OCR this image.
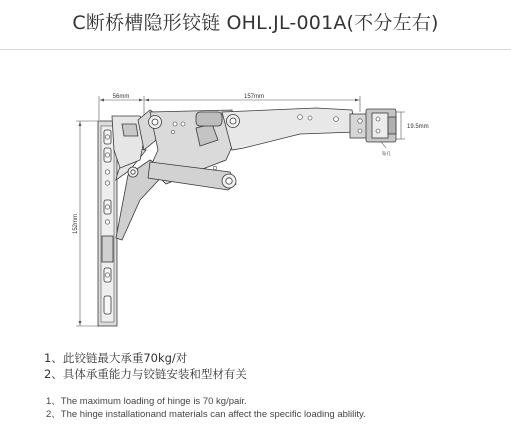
C断桥槽隐形铰链 OHL.JL-001A(不分左右)
56mm	157mm
152mm
19.5mm
钻孔
1、此铰链最大承重70kg/对
2、具体承重能力与铰链安装和型材有关
1、The maximum loading of hinge is 70 kg/pair.
2、The hinge installationand materials can affect the specific loading ablility.
